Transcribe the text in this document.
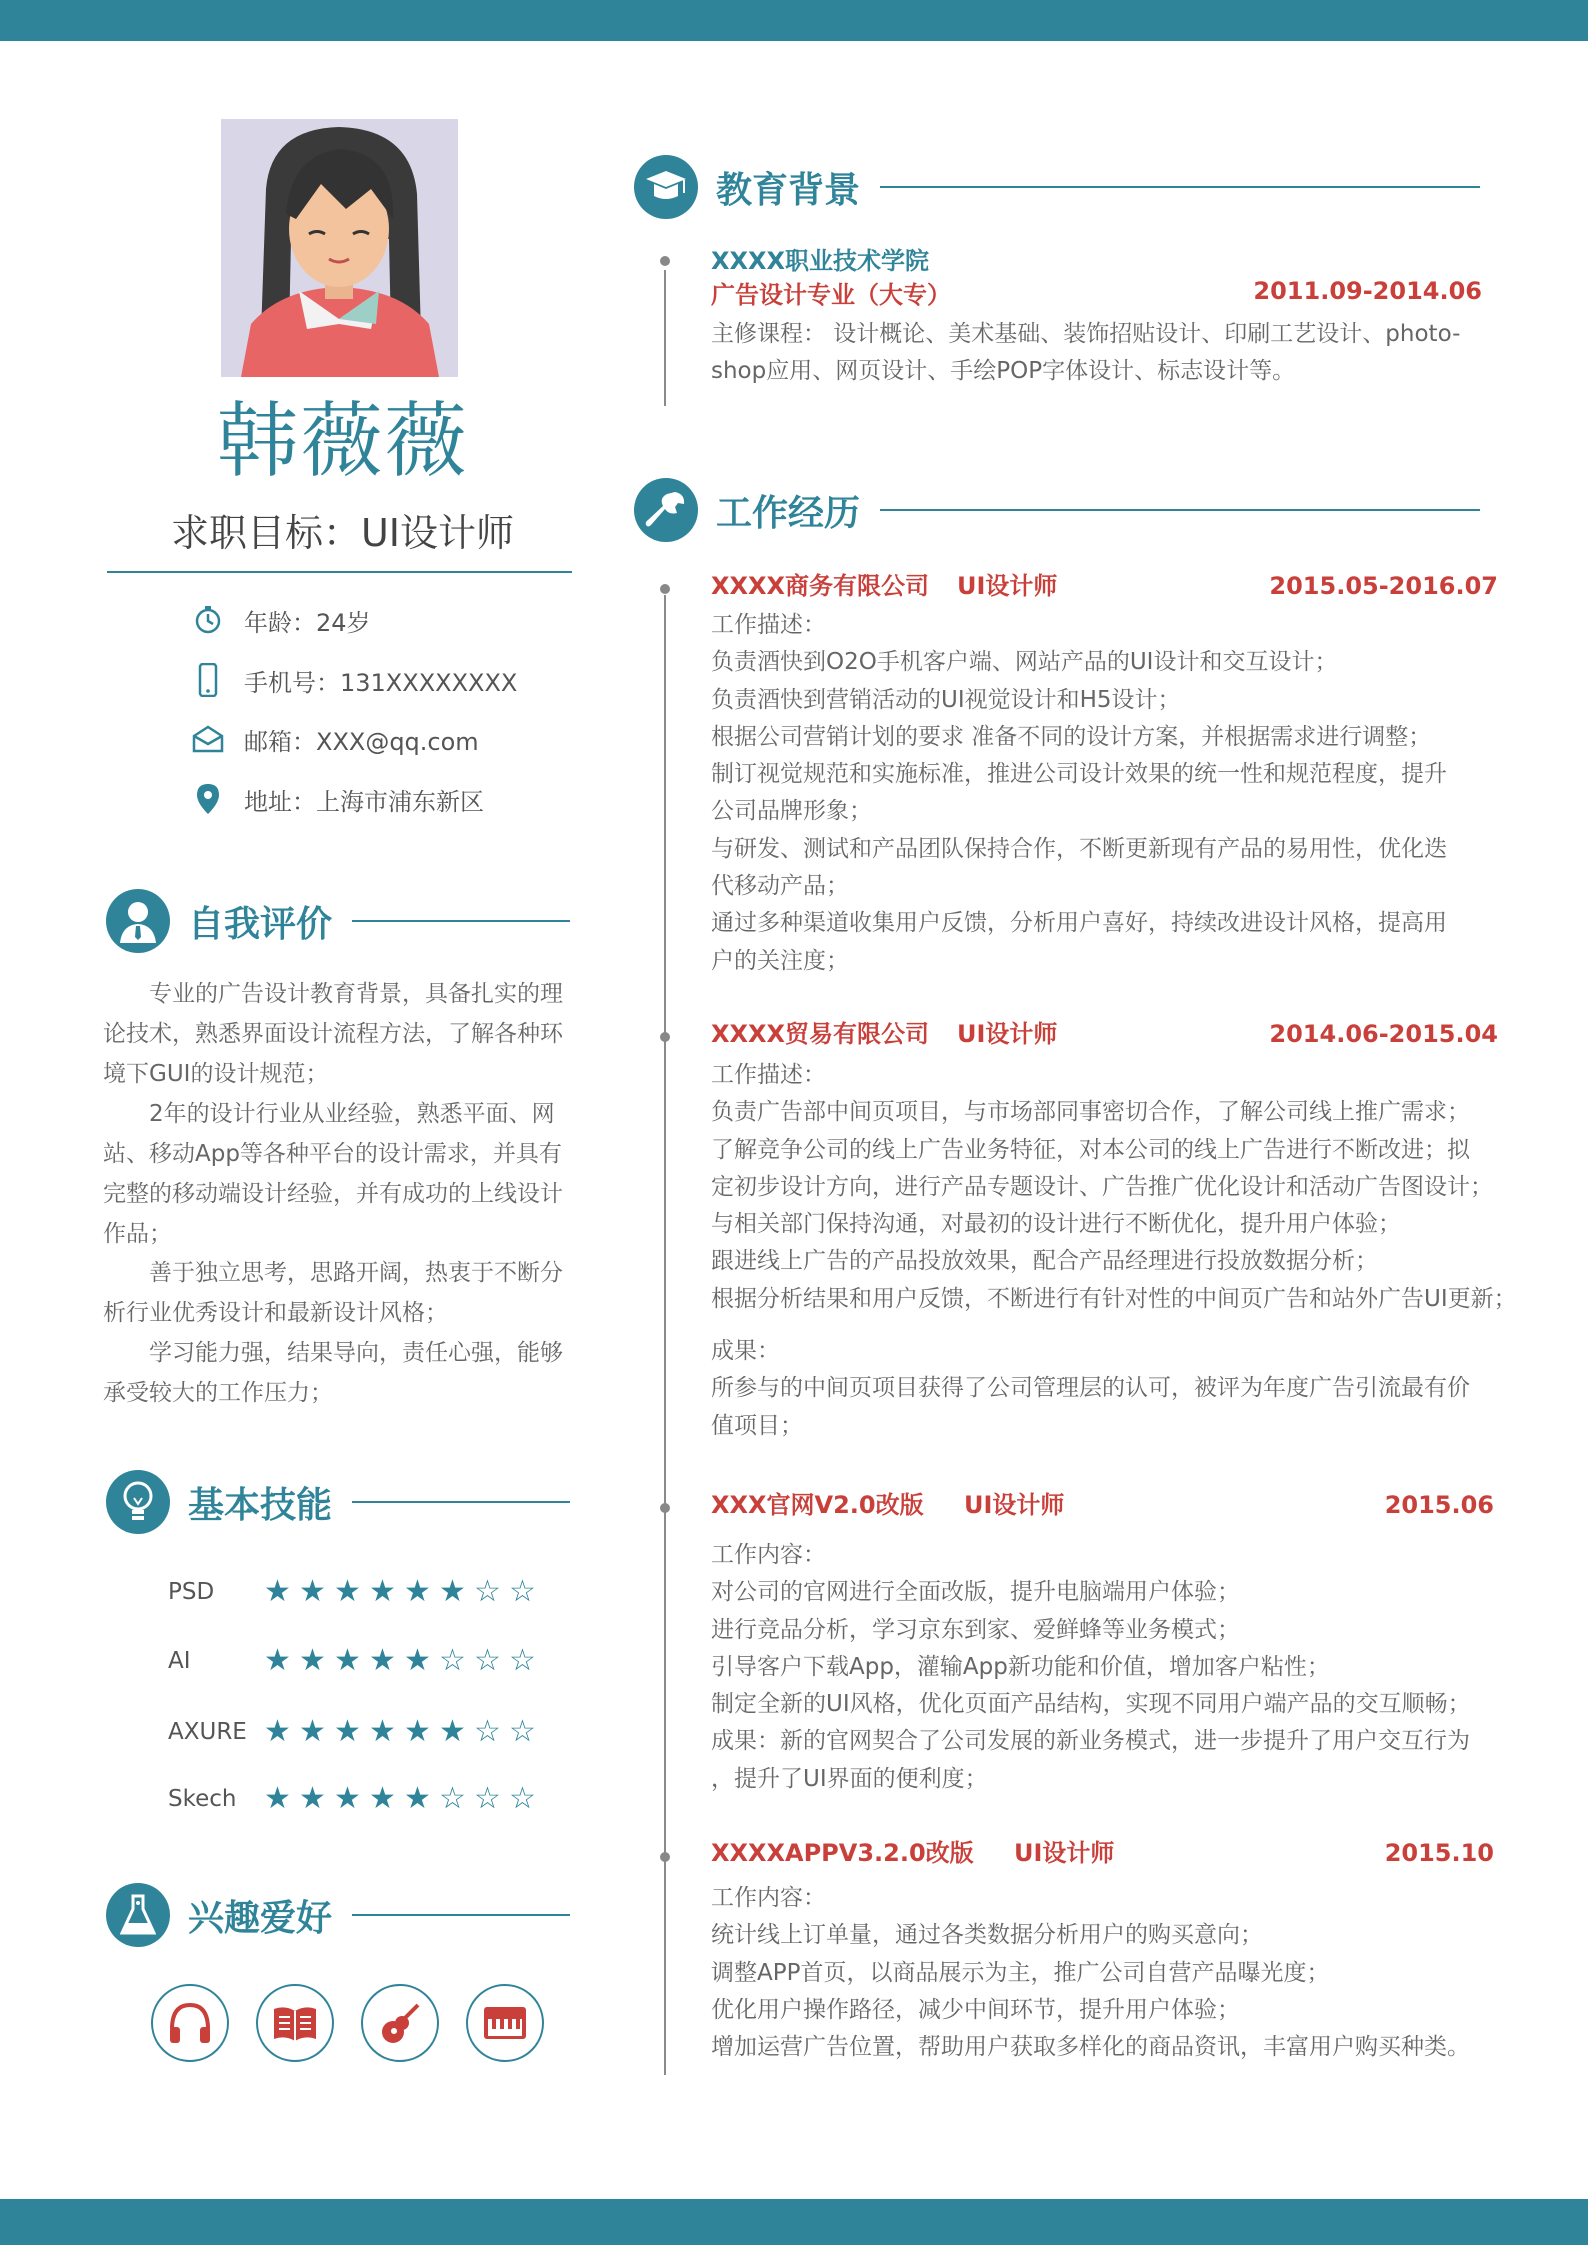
韩薇薇
求职目标：UI设计师
年龄：24岁
手机号：131XXXXXXXX
邮箱：XXX@qq.com
地址：上海市浦东新区
自我评价
专业的广告设计教育背景，具备扎实的理论技术，熟悉界面设计流程方法，了解各种环境下GUI的设计规范；
2年的设计行业从业经验，熟悉平面、网站、移动App等各种平台的设计需求，并具有完整的移动端设计经验，并有成功的上线设计作品；
善于独立思考，思路开阔，热衷于不断分析行业优秀设计和最新设计风格；
学习能力强，结果导向，责任心强，能够承受较大的工作压力；
基本技能
PSD	★ ★ ★ ★ ★ ★ ☆ ☆
AI	★ ★ ★ ★ ★ ☆ ☆ ☆
AXURE ★ ★ ★ ★ ★ ★ ☆ ☆
Skech ★ ★ ★ ★ ★ ☆ ☆ ☆
兴趣爱好
教育背景
XXXX职业技术学院
广告设计专业（大专）	2011.09-2014.06
主修课程： 设计概论、美术基础、装饰招贴设计、印刷工艺设计、photo-
shop应用、网页设计、手绘POP字体设计、标志设计等。
工作经历
XXXX商务有限公司 UI设计师	2015.05-2016.07
工作描述：
负责酒快到O2O手机客户端、网站产品的UI设计和交互设计；
负责酒快到营销活动的UI视觉设计和H5设计；
根据公司营销计划的要求 准备不同的设计方案，并根据需求进行调整；
制订视觉规范和实施标准，推进公司设计效果的统一性和规范程度，提升
公司品牌形象；
与研发、测试和产品团队保持合作，不断更新现有产品的易用性，优化迭
代移动产品；
通过多种渠道收集用户反馈，分析用户喜好，持续改进设计风格，提高用
户的关注度；
XXXX贸易有限公司 UI设计师	2014.06-2015.04
工作描述：
负责广告部中间页项目，与市场部同事密切合作，了解公司线上推广需求；
了解竞争公司的线上广告业务特征，对本公司的线上广告进行不断改进；拟
定初步设计方向，进行产品专题设计、广告推广优化设计和活动广告图设计；
与相关部门保持沟通，对最初的设计进行不断优化，提升用户体验；
跟进线上广告的产品投放效果，配合产品经理进行投放数据分析；
根据分析结果和用户反馈，不断进行有针对性的中间页广告和站外广告UI更新；
成果：
所参与的中间页项目获得了公司管理层的认可，被评为年度广告引流最有价
值项目；
XXX官网V2.0改版 UI设计师	2015.06
工作内容：
对公司的官网进行全面改版，提升电脑端用户体验；
进行竞品分析，学习京东到家、爱鲜蜂等业务模式；
引导客户下载App，灌输App新功能和价值，增加客户粘性；
制定全新的UI风格，优化页面产品结构，实现不同用户端产品的交互顺畅；
成果：新的官网契合了公司发展的新业务模式，进一步提升了用户交互行为
，提升了UI界面的便利度；
XXXXAPPV3.2.0改版 UI设计师	2015.10
工作内容：
统计线上订单量，通过各类数据分析用户的购买意向；
调整APP首页，以商品展示为主，推广公司自营产品曝光度；
优化用户操作路径，减少中间环节，提升用户体验；
增加运营广告位置，帮助用户获取多样化的商品资讯，丰富用户购买种类。
